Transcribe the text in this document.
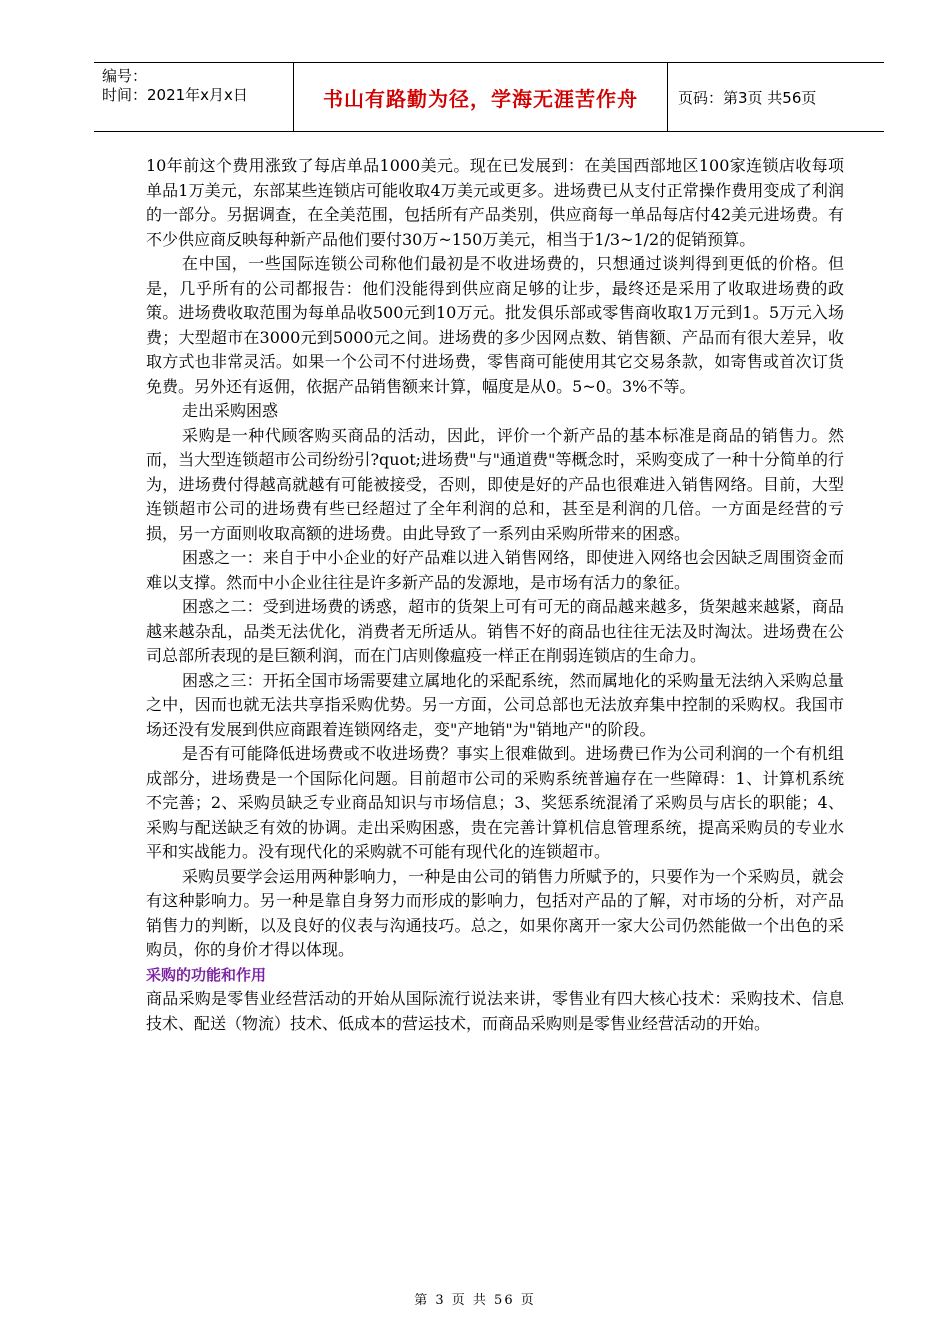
编号：
时间：2021年x月x日	书山有路勤为径，学海无涯苦作舟	页码：第3页 共56页

10年前这个费用涨致了每店单品1000美元。现在已发展到：在美国西部地区100家连锁店收每项单品1万美元，东部某些连锁店可能收取4万美元或更多。进场费已从支付正常操作费用变成了利润的一部分。另据调查，在全美范围，包括所有产品类别，供应商每一单品每店付42美元进场费。有不少供应商反映每种新产品他们要付30万~150万美元，相当于1/3~1/2的促销预算。

在中国，一些国际连锁公司称他们最初是不收进场费的，只想通过谈判得到更低的价格。但是，几乎所有的公司都报告：他们没能得到供应商足够的让步，最终还是采用了收取进场费的政策。进场费收取范围为每单品收500元到10万元。批发俱乐部或零售商收取1万元到1。5万元入场费；大型超市在3000元到5000元之间。进场费的多少因网点数、销售额、产品而有很大差异，收取方式也非常灵活。如果一个公司不付进场费，零售商可能使用其它交易条款，如寄售或首次订货免费。另外还有返佣，依据产品销售额来计算，幅度是从0。5~0。3%不等。

走出采购困惑

采购是一种代顾客购买商品的活动，因此，评价一个新产品的基本标准是商品的销售力。然而，当大型连锁超市公司纷纷引?quot;进场费"与"通道费"等概念时，采购变成了一种十分简单的行为，进场费付得越高就越有可能被接受，否则，即使是好的产品也很难进入销售网络。目前，大型连锁超市公司的进场费有些已经超过了全年利润的总和，甚至是利润的几倍。一方面是经营的亏损，另一方面则收取高额的进场费。由此导致了一系列由采购所带来的困惑。

困惑之一：来自于中小企业的好产品难以进入销售网络，即使进入网络也会因缺乏周围资金而难以支撑。然而中小企业往往是许多新产品的发源地，是市场有活力的象征。

困惑之二：受到进场费的诱惑，超市的货架上可有可无的商品越来越多，货架越来越紧，商品越来越杂乱，品类无法优化，消费者无所适从。销售不好的商品也往往无法及时淘汰。进场费在公司总部所表现的是巨额利润，而在门店则像瘟疫一样正在削弱连锁店的生命力。

困惑之三：开拓全国市场需要建立属地化的采配系统，然而属地化的采购量无法纳入采购总量之中，因而也就无法共享指采购优势。另一方面，公司总部也无法放弃集中控制的采购权。我国市场还没有发展到供应商跟着连锁网络走，变"产地销"为"销地产"的阶段。

是否有可能降低进场费或不收进场费？事实上很难做到。进场费已作为公司利润的一个有机组成部分，进场费是一个国际化问题。目前超市公司的采购系统普遍存在一些障碍：1、计算机系统不完善；2、采购员缺乏专业商品知识与市场信息；3、奖惩系统混淆了采购员与店长的职能；4、采购与配送缺乏有效的协调。走出采购困惑，贵在完善计算机信息管理系统，提高采购员的专业水平和实战能力。没有现代化的采购就不可能有现代化的连锁超市。

采购员要学会运用两种影响力，一种是由公司的销售力所赋予的，只要作为一个采购员，就会有这种影响力。另一种是靠自身努力而形成的影响力，包括对产品的了解，对市场的分析，对产品销售力的判断，以及良好的仪表与沟通技巧。总之，如果你离开一家大公司仍然能做一个出色的采购员，你的身价才得以体现。

采购的功能和作用

商品采购是零售业经营活动的开始从国际流行说法来讲，零售业有四大核心技术：采购技术、信息技术、配送（物流）技术、低成本的营运技术，而商品采购则是零售业经营活动的开始。

第 3 页 共 56 页
